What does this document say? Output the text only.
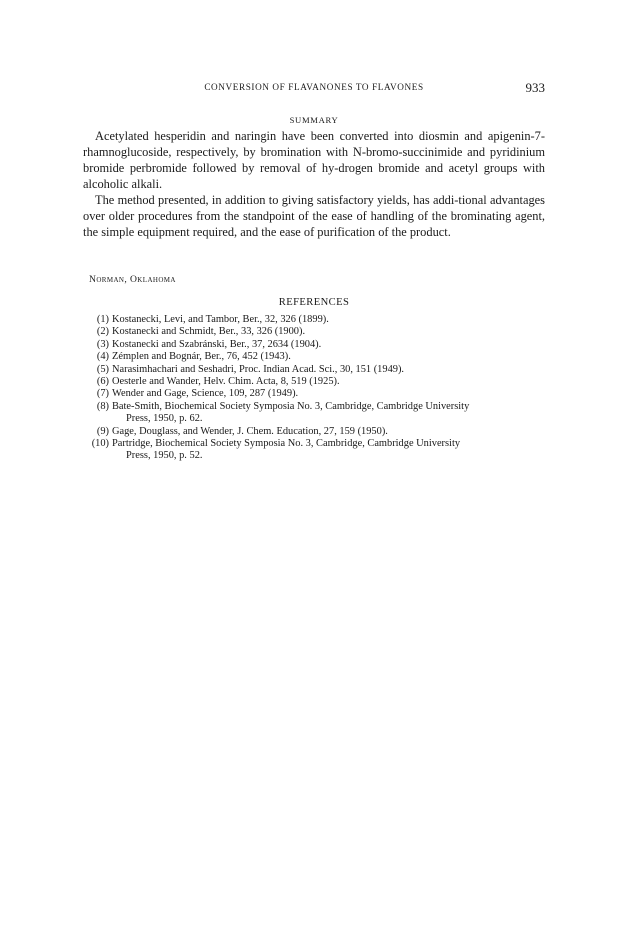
CONVERSION OF FLAVANONES TO FLAVONES	933
SUMMARY

Acetylated hesperidin and naringin have been converted into diosmin and apigenin-7-rhamnoglucoside, respectively, by bromination with N-bromo-succinimide and pyridinium bromide perbromide followed by removal of hy-drogen bromide and acetyl groups with alcoholic alkali.

The method presented, in addition to giving satisfactory yields, has addi-tional advantages over older procedures from the standpoint of the ease of handling of the brominating agent, the simple equipment required, and the ease of purification of the product.

Norman, Oklahoma
REFERENCES
(1) Kostanecki, Levi, and Tambor, Ber., 32, 326 (1899).
(2) Kostanecki and Schmidt, Ber., 33, 326 (1900).
(3) Kostanecki and Szabránski, Ber., 37, 2634 (1904).
(4) Zémplen and Bognár, Ber., 76, 452 (1943).
(5) Narasimhachari and Seshadri, Proc. Indian Acad. Sci., 30, 151 (1949).
(6) Oesterle and Wander, Helv. Chim. Acta, 8, 519 (1925).
(7) Wender and Gage, Science, 109, 287 (1949).
(8) Bate-Smith, Biochemical Society Symposia No. 3, Cambridge, Cambridge University
Press, 1950, p. 62.
(9) Gage, Douglass, and Wender, J. Chem. Education, 27, 159 (1950).
(10) Partridge, Biochemical Society Symposia No. 3, Cambridge, Cambridge University
Press, 1950, p. 52.
